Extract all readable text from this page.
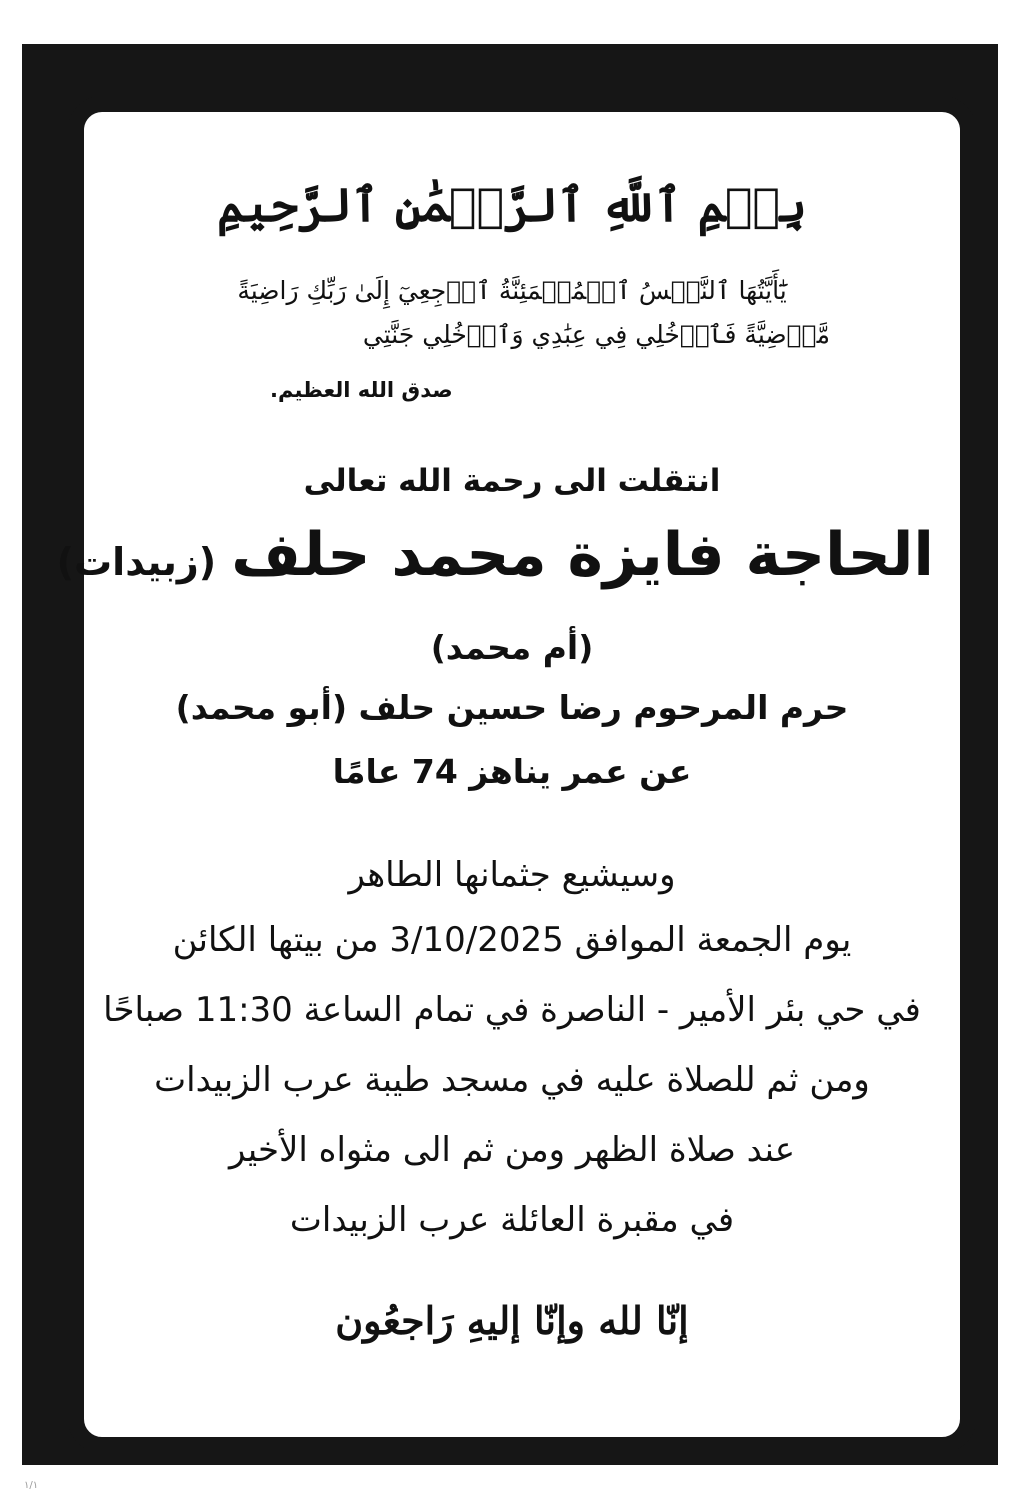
بِسۡمِ ٱللَّهِ ٱلرَّحۡمَٰنِ ٱلرَّحِيمِ
يَٰٓأَيَّتُهَا ٱلنَّفۡسُ ٱلۡمُطۡمَئِنَّةُ ٱرۡجِعِيٓ إِلَىٰ رَبِّكِ رَاضِيَةً
مَّرۡضِيَّةً فَٱدۡخُلِي فِي عِبَٰدِي وَٱدۡخُلِي جَنَّتِي
صدق الله العظيم.
انتقلت الى رحمة الله تعالى
الحاجة فايزة محمد حلف (زبيدات)
(أم محمد)
حرم المرحوم رضا حسين حلف (أبو محمد)
عن عمر يناهز 74 عامًا
وسيشيع جثمانها الطاهر
يوم الجمعة الموافق 3/10/2025 من بيتها الكائن
في حي بئر الأمير - الناصرة في تمام الساعة 11:30 صباحًا
ومن ثم للصلاة عليه في مسجد طيبة عرب الزبيدات
عند صلاة الظهر ومن ثم الى مثواه الأخير
في مقبرة العائلة عرب الزبيدات
إنّا لله وإنّا إليهِ رَاجعُون
١/١
